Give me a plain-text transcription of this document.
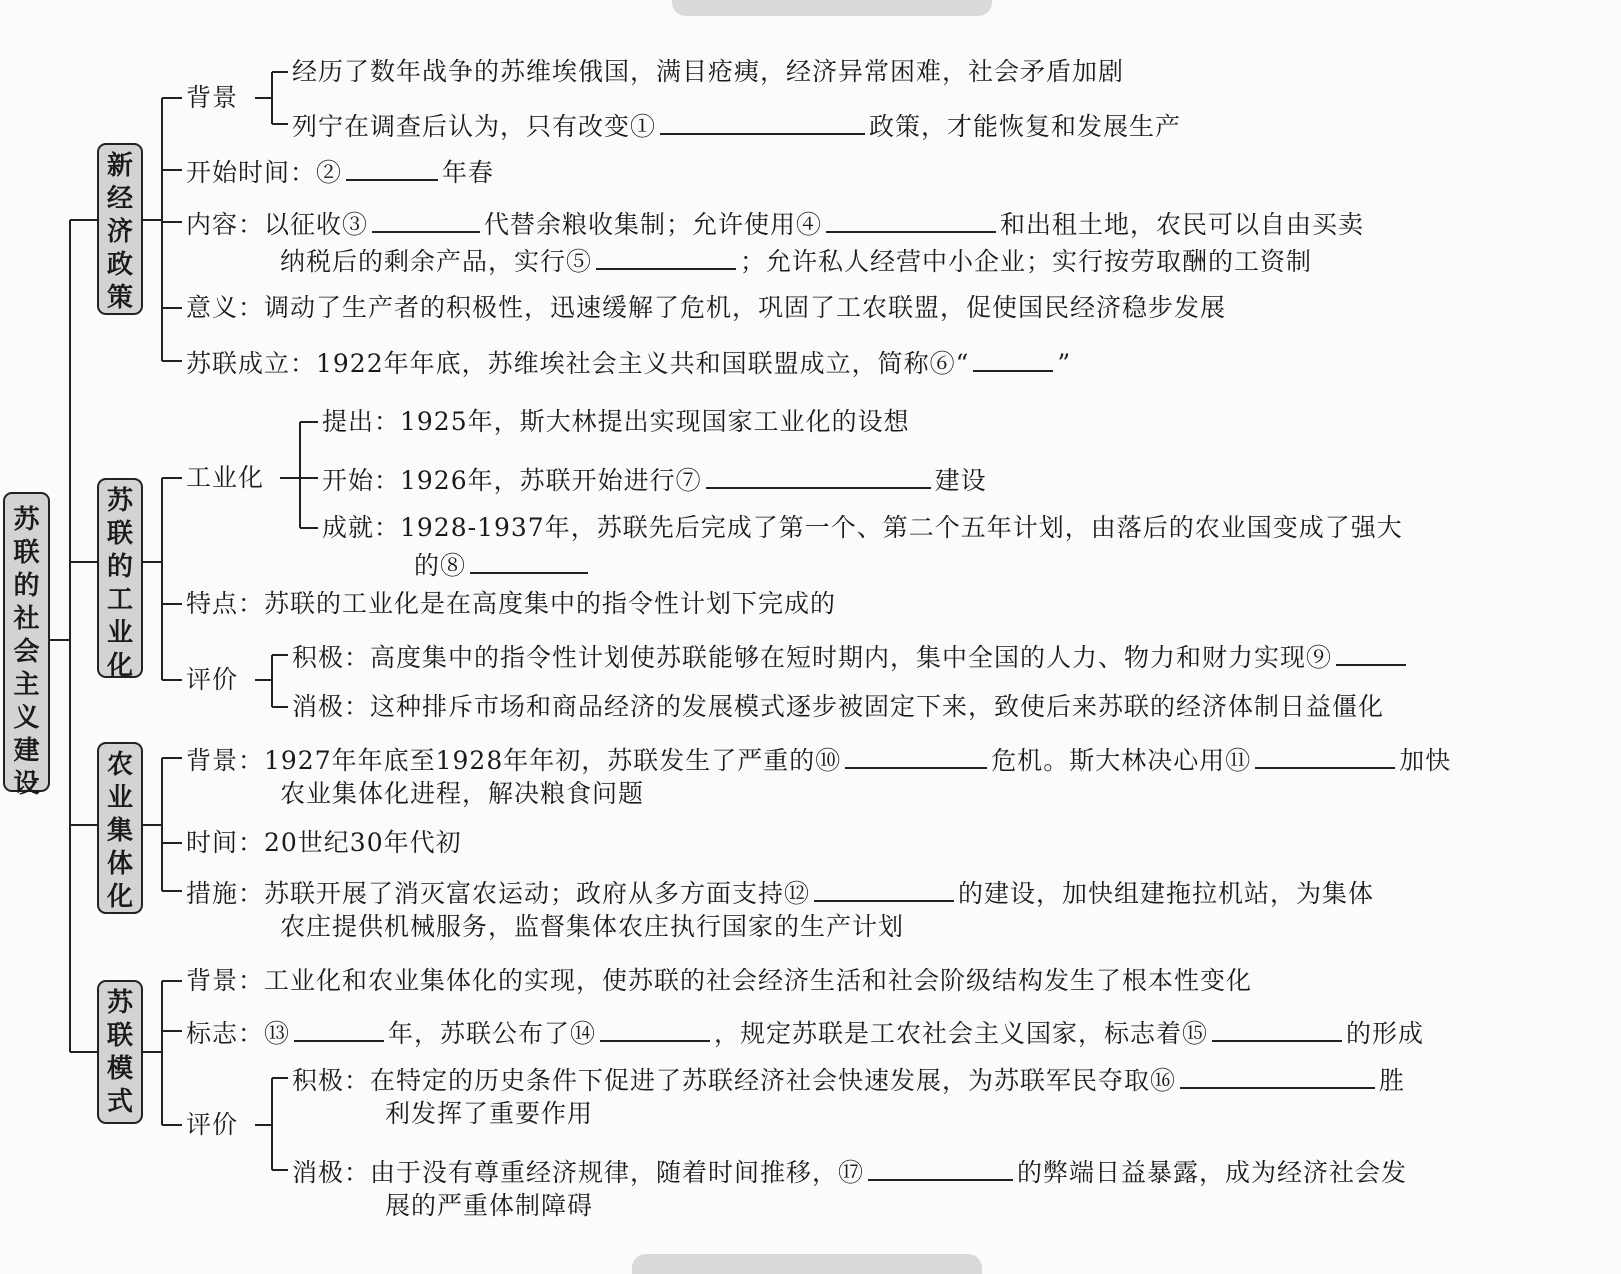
苏联的社会主义建设
新经济政策
苏联的工业化
农业集体化
苏联模式
背景
经历了数年战争的苏维埃俄国，满目疮痍，经济异常困难，社会矛盾加剧
列宁在调查后认为，只有改变①	政策，才能恢复和发展生产
开始时间：②	年春
内容：以征收③	代替余粮收集制；允许使用④	和出租土地，农民可以自由买卖
纳税后的剩余产品，实行⑤	；允许私人经营中小企业；实行按劳取酬的工资制
意义：调动了生产者的积极性，迅速缓解了危机，巩固了工农联盟，促使国民经济稳步发展
苏联成立：1922年年底，苏维埃社会主义共和国联盟成立，简称⑥“	”
工业化
提出：1925年，斯大林提出实现国家工业化的设想
开始：1926年，苏联开始进行⑦	建设
成就：1928-1937年，苏联先后完成了第一个、第二个五年计划，由落后的农业国变成了强大
的⑧
特点：苏联的工业化是在高度集中的指令性计划下完成的
评价
积极：高度集中的指令性计划使苏联能够在短时期内，集中全国的人力、物力和财力实现⑨
消极：这种排斥市场和商品经济的发展模式逐步被固定下来，致使后来苏联的经济体制日益僵化
背景：1927年年底至1928年年初，苏联发生了严重的⑩	危机。斯大林决心用⑪	加快
农业集体化进程，解决粮食问题
时间：20世纪30年代初
措施：苏联开展了消灭富农运动；政府从多方面支持⑫	的建设，加快组建拖拉机站，为集体
农庄提供机械服务，监督集体农庄执行国家的生产计划
背景：工业化和农业集体化的实现，使苏联的社会经济生活和社会阶级结构发生了根本性变化
标志：⑬	年，苏联公布了⑭	，规定苏联是工农社会主义国家，标志着⑮	的形成
评价
积极：在特定的历史条件下促进了苏联经济社会快速发展，为苏联军民夺取⑯	胜
利发挥了重要作用
消极：由于没有尊重经济规律，随着时间推移，⑰	的弊端日益暴露，成为经济社会发
展的严重体制障碍
